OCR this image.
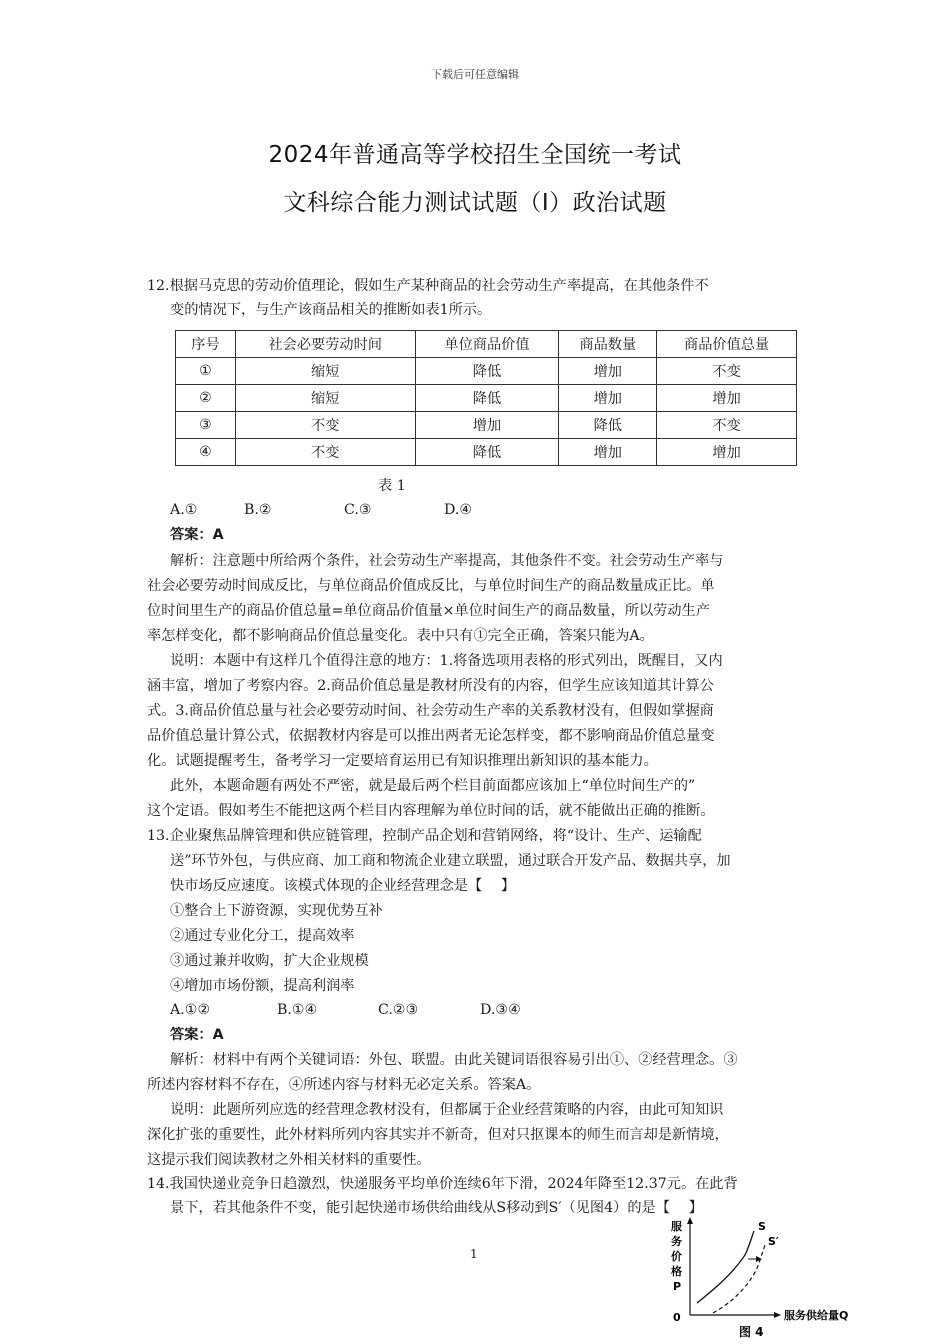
下载后可任意编辑
2024年普通高等学校招生全国统一考试
文科综合能力测试试题（I）政治试题
12.根据马克思的劳动价值理论，假如生产某种商品的社会劳动生产率提高，在其他条件不
变的情况下，与生产该商品相关的推断如表1所示。
序号	社会必要劳动时间	单位商品价值	商品数量	商品价值总量
①	缩短	降低	增加	不变
②	缩短	降低	增加	增加
③	不变	增加	降低	不变
④	不变	降低	增加	增加
表 1
A.①	B.②	C.③	D.④
答案：A
解析：注意题中所给两个条件，社会劳动生产率提高，其他条件不变。社会劳动生产率与
社会必要劳动时间成反比，与单位商品价值成反比，与单位时间生产的商品数量成正比。单
位时间里生产的商品价值总量=单位商品价值量×单位时间生产的商品数量，所以劳动生产
率怎样变化，都不影响商品价值总量变化。表中只有①完全正确，答案只能为A。
说明：本题中有这样几个值得注意的地方：1.将备选项用表格的形式列出，既醒目，又内
涵丰富，增加了考察内容。2.商品价值总量是教材所没有的内容，但学生应该知道其计算公
式。3.商品价值总量与社会必要劳动时间、社会劳动生产率的关系教材没有，但假如掌握商
品价值总量计算公式，依据教材内容是可以推出两者无论怎样变，都不影响商品价值总量变
化。试题提醒考生，备考学习一定要培育运用已有知识推理出新知识的基本能力。
此外，本题命题有两处不严密，就是最后两个栏目前面都应该加上“单位时间生产的”
这个定语。假如考生不能把这两个栏目内容理解为单位时间的话，就不能做出正确的推断。
13.企业聚焦品牌管理和供应链管理，控制产品企划和营销网络，将“设计、生产、运输配
送”环节外包，与供应商、加工商和物流企业建立联盟，通过联合开发产品、数据共享，加
快市场反应速度。该模式体现的企业经营理念是【　 】
①整合上下游资源，实现优势互补
②通过专业化分工，提高效率
③通过兼并收购，扩大企业规模
④增加市场份额，提高利润率
A.①②	B.①④	C.②③	D.③④
答案：A
解析：材料中有两个关键词语：外包、联盟。由此关键词语很容易引出①、②经营理念。③
所述内容材料不存在，④所述内容与材料无必定关系。答案A。
说明：此题所列应选的经营理念教材没有，但都属于企业经营策略的内容，由此可知知识
深化扩张的重要性，此外材料所列内容其实并不新奇，但对只抠课本的师生而言却是新情境，
这提示我们阅读教材之外相关材料的重要性。
14.我国快递业竞争日趋激烈，快递服务平均单价连续6年下滑，2024年降至12.37元。在此背
景下，若其他条件不变，能引起快递市场供给曲线从S移动到S′（见图4）的是【　 】
1
S
S′
服
务
价
格
P
0	服务供给量Q
图 4
